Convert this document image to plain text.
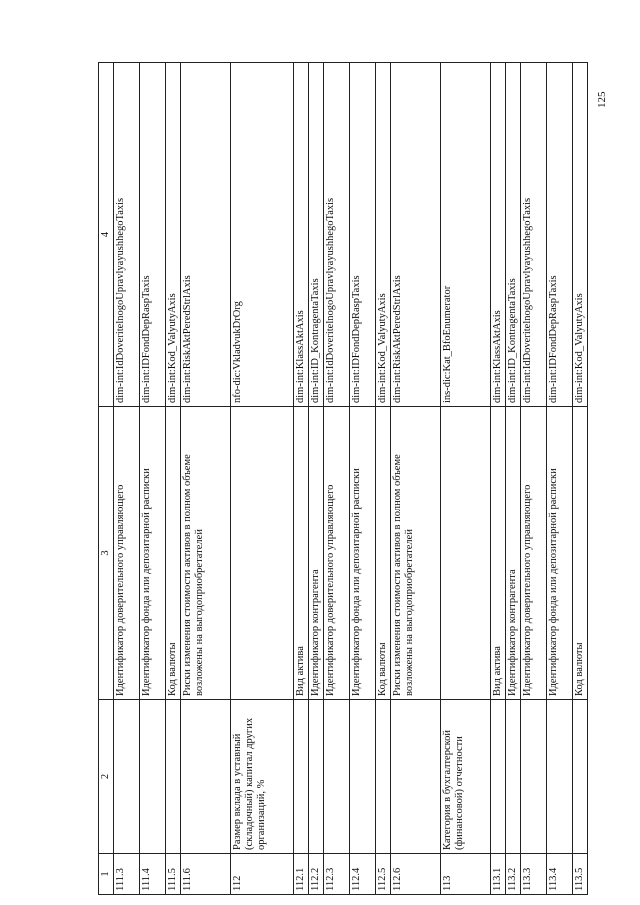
1	2	3	4
111.3		Идентификатор доверительного управляющего	dim-int:IdDoveritelnogoUpravlyayushhegoTaxis
111.4		Идентификатор фонда или депозитарной расписки	dim-int:IDFondDepRaspTaxis
111.5		Код валюты	dim-int:Kod_ValyutyAxis
111.6		Риски изменения стоимости активов в полном объеме возложены на выгодоприобретателей	dim-int:RiskAktPeredStrlAxis
112	Размер вклада в уставный (складочный) капитал других организаций, %		nfo-dic:VkladvukDrOrg
112.1		Вид актива	dim-int:KlassAktAxis
112.2		Идентификатор контрагента	dim-int:ID_KontragentaTaxis
112.3		Идентификатор доверительного управляющего	dim-int:IdDoveritelnogoUpravlyayushhegoTaxis
112.4		Идентификатор фонда или депозитарной расписки	dim-int:IDFondDepRaspTaxis
112.5		Код валюты	dim-int:Kod_ValyutyAxis
112.6		Риски изменения стоимости активов в полном объеме возложены на выгодоприобретателей	dim-int:RiskAktPeredStrlAxis
113	Категория в бухгалтерской (финансовой) отчетности		ins-dic:Kat_BfoEnumerator
113.1		Вид актива	dim-int:KlassAktAxis
113.2		Идентификатор контрагента	dim-int:ID_KontragentaTaxis
113.3		Идентификатор доверительного управляющего	dim-int:IdDoveritelnogoUpravlyayushhegoTaxis
113.4		Идентификатор фонда или депозитарной расписки	dim-int:IDFondDepRaspTaxis
113.5		Код валюты	dim-int:Kod_ValyutyAxis
125
